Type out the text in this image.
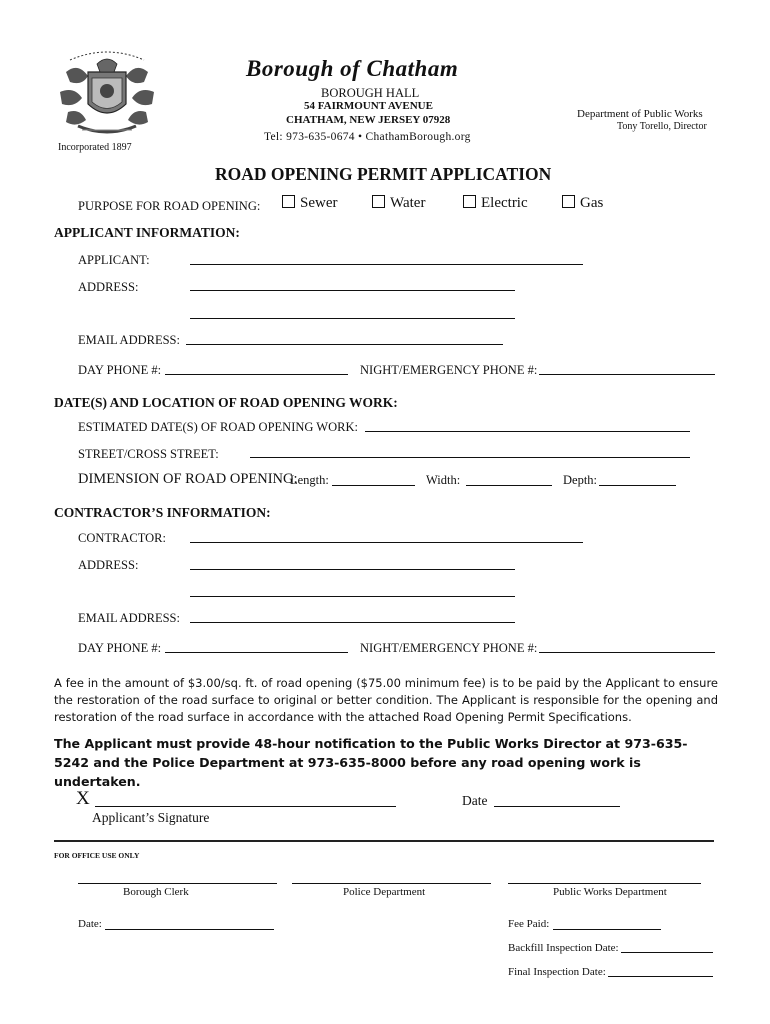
Incorporated 1897
Borough of Chatham
BOROUGH HALL
54 FAIRMOUNT AVENUE
CHATHAM, NEW JERSEY 07928
Tel: 973-635-0674 • ChathamBorough.org
Department of Public Works
Tony Torello, Director
ROAD OPENING PERMIT APPLICATION
PURPOSE FOR ROAD OPENING:	Sewer	Water	Electric	Gas
APPLICANT INFORMATION:
APPLICANT:
ADDRESS:
EMAIL ADDRESS:
DAY PHONE #:	NIGHT/EMERGENCY PHONE #:
DATE(S) AND LOCATION OF ROAD OPENING WORK:
ESTIMATED DATE(S) OF ROAD OPENING WORK:
STREET/CROSS STREET:
DIMENSION OF ROAD OPENING:
Length:	Width:	Depth:
CONTRACTOR’S INFORMATION:
CONTRACTOR:
ADDRESS:
EMAIL ADDRESS:
DAY PHONE #:	NIGHT/EMERGENCY PHONE #:
A fee in the amount of $3.00/sq. ft. of road opening ($75.00 minimum fee) is to be paid by the Applicant to ensure the restoration of the road surface to original or better condition. The Applicant is responsible for the opening and restoration of the road surface in accordance with the attached Road Opening Permit Specifications.
The Applicant must provide 48-hour notification to the Public Works Director at 973-635-5242 and the Police Department at 973-635-8000 before any road opening work is undertaken.
X
Applicant’s Signature
Date
FOR OFFICE USE ONLY
Borough Clerk	Police Department	Public Works Department
Date:	Fee Paid:
Backfill Inspection Date:
Final Inspection Date:
